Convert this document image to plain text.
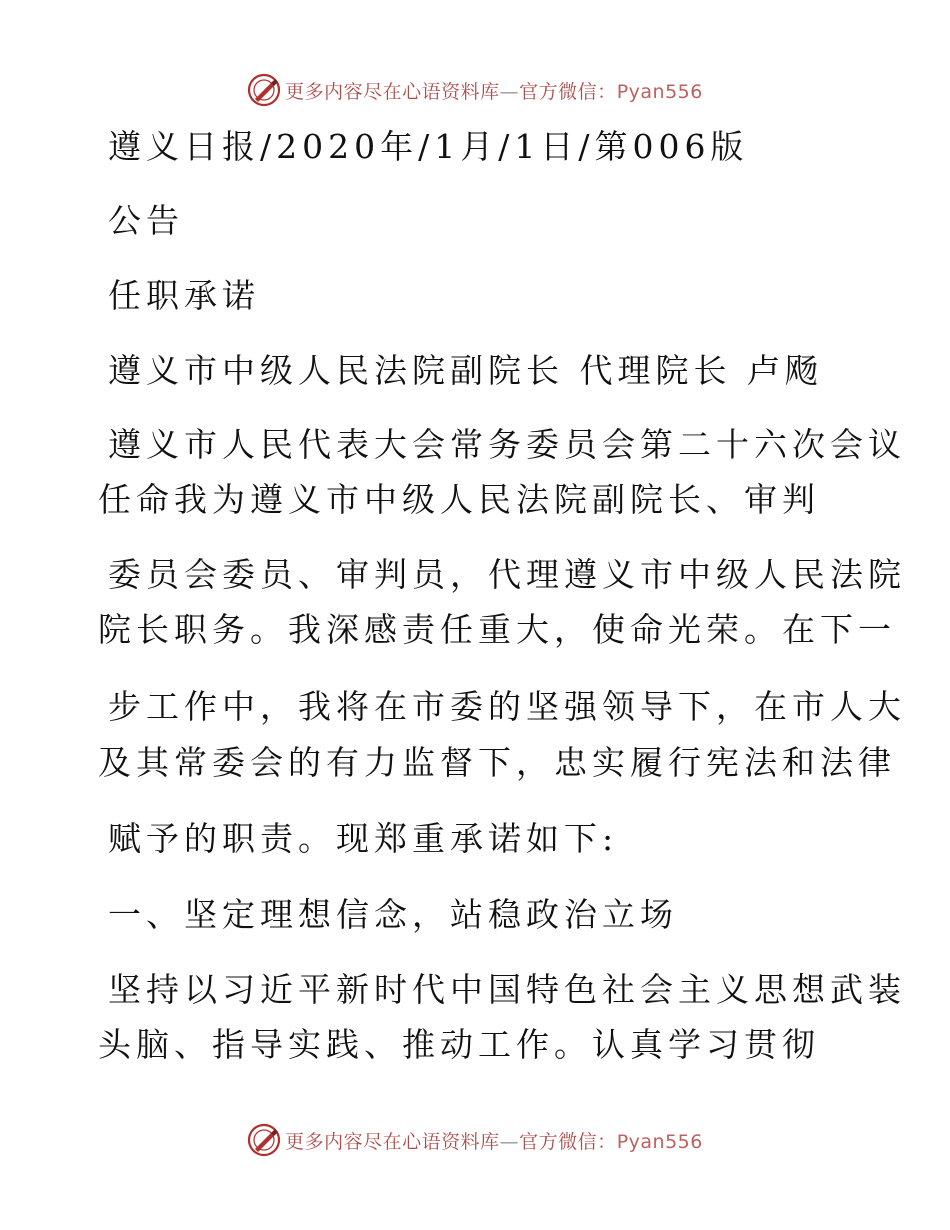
更多内容尽在心语资料库—官方微信：Pyan556
遵义日报/2020年/1月/1日/第006版
公告
任职承诺
遵义市中级人民法院副院长 代理院长 卢飏
遵义市人民代表大会常务委员会第二十六次会议
任命我为遵义市中级人民法院副院长、审判
委员会委员、审判员，代理遵义市中级人民法院
院长职务。我深感责任重大，使命光荣。在下一
步工作中，我将在市委的坚强领导下，在市人大
及其常委会的有力监督下，忠实履行宪法和法律
赋予的职责。现郑重承诺如下:
一、坚定理想信念，站稳政治立场
坚持以习近平新时代中国特色社会主义思想武装
头脑、指导实践、推动工作。认真学习贯彻
更多内容尽在心语资料库—官方微信：Pyan556
